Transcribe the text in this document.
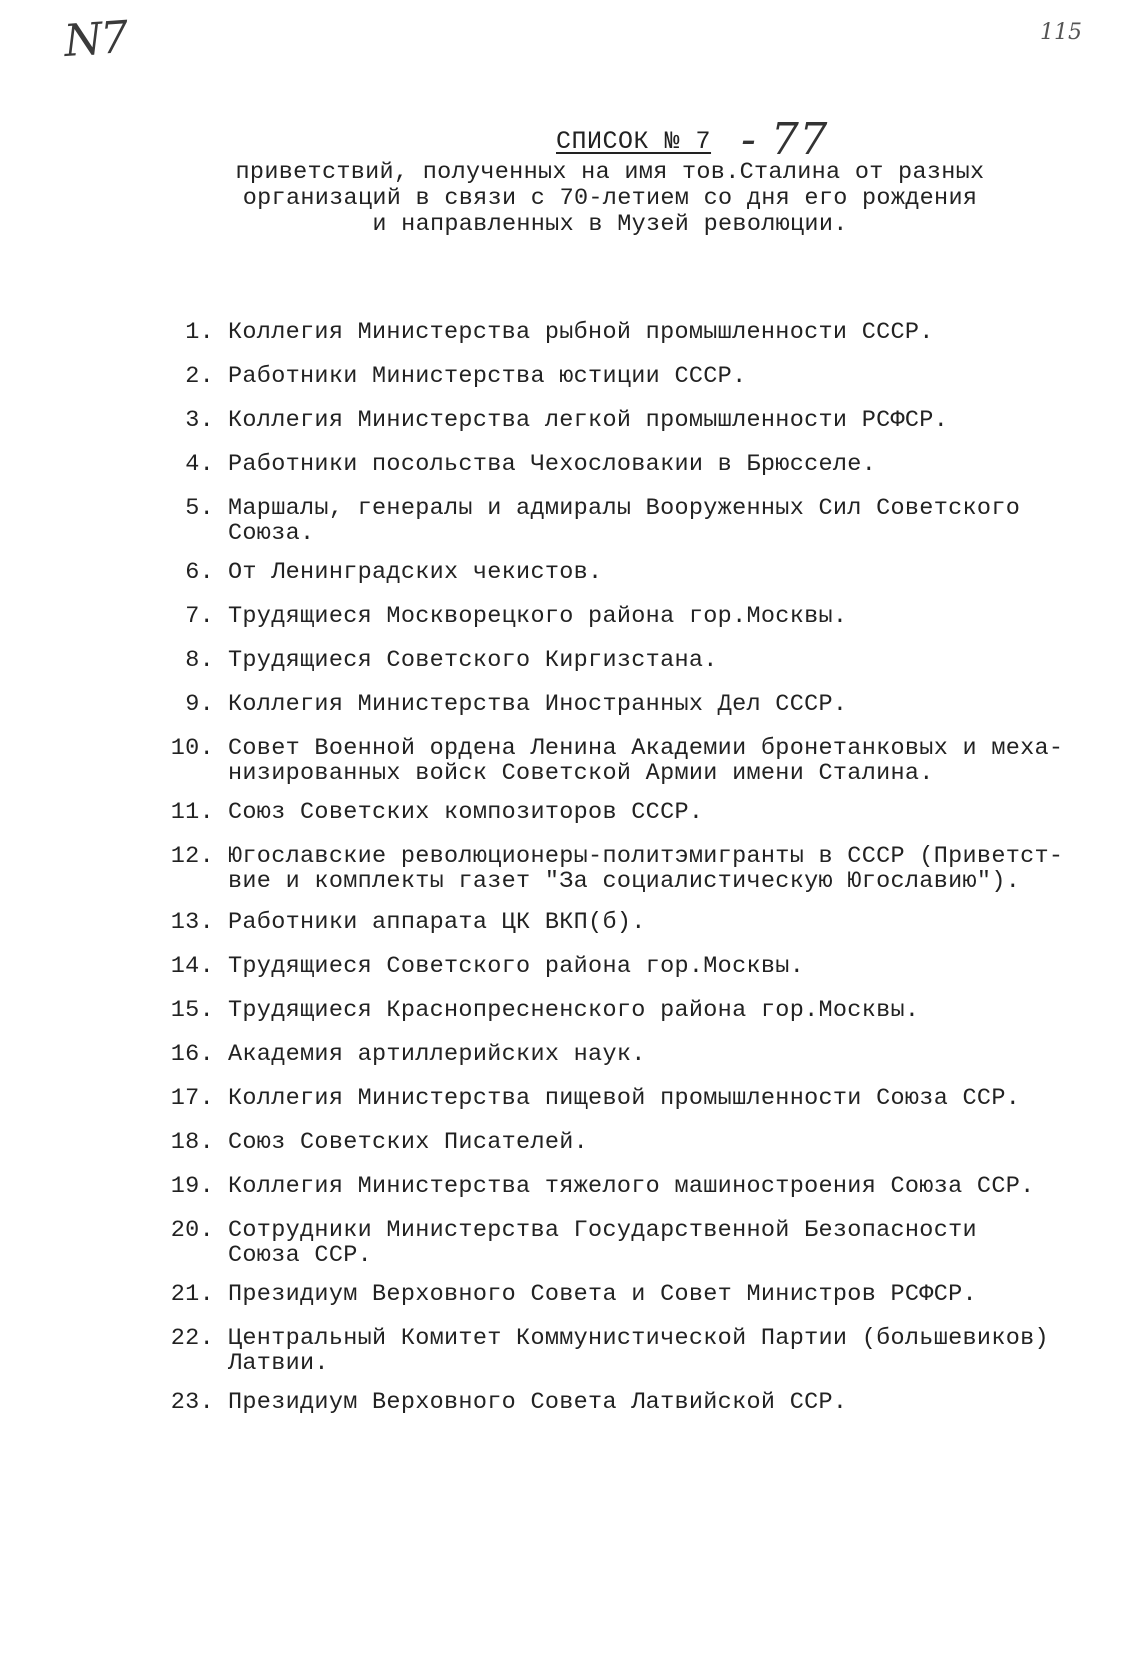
N7	115
СПИСОК № 7 - 77
приветствий, полученных на имя тов.Сталина от разных
организаций в связи с 70-летием со дня его рождения
и направленных в Музей революции.
1. Коллегия Министерства рыбной промышленности СССР.
2. Работники Министерства юстиции СССР.
3. Коллегия Министерства легкой промышленности РСФСР.
4. Работники посольства Чехословакии в Брюсселе.
5. Маршалы, генералы и адмиралы Вооруженных Сил Советского
Союза.
6. От Ленинградских чекистов.
7. Трудящиеся Москворецкого района гор.Москвы.
8. Трудящиеся Советского Киргизстана.
9. Коллегия Министерства Иностранных Дел СССР.
10. Совет Военной ордена Ленина Академии бронетанковых и меха-
низированных войск Советской Армии имени Сталина.
11. Союз Советских композиторов СССР.
12. Югославские революционеры-политэмигранты в СССР (Приветст-
вие и комплекты газет "За социалистическую Югославию").
13. Работники аппарата ЦК ВКП(б).
14. Трудящиеся Советского района гор.Москвы.
15. Трудящиеся Краснопресненского района гор.Москвы.
16. Академия артиллерийских наук.
17. Коллегия Министерства пищевой промышленности Союза ССР.
18. Союз Советских Писателей.
19. Коллегия Министерства тяжелого машиностроения Союза ССР.
20. Сотрудники Министерства Государственной Безопасности
Союза ССР.
21. Президиум Верховного Совета и Совет Министров РСФСР.
22. Центральный Комитет Коммунистической Партии (большевиков)
Латвии.
23. Президиум Верховного Совета Латвийской ССР.
